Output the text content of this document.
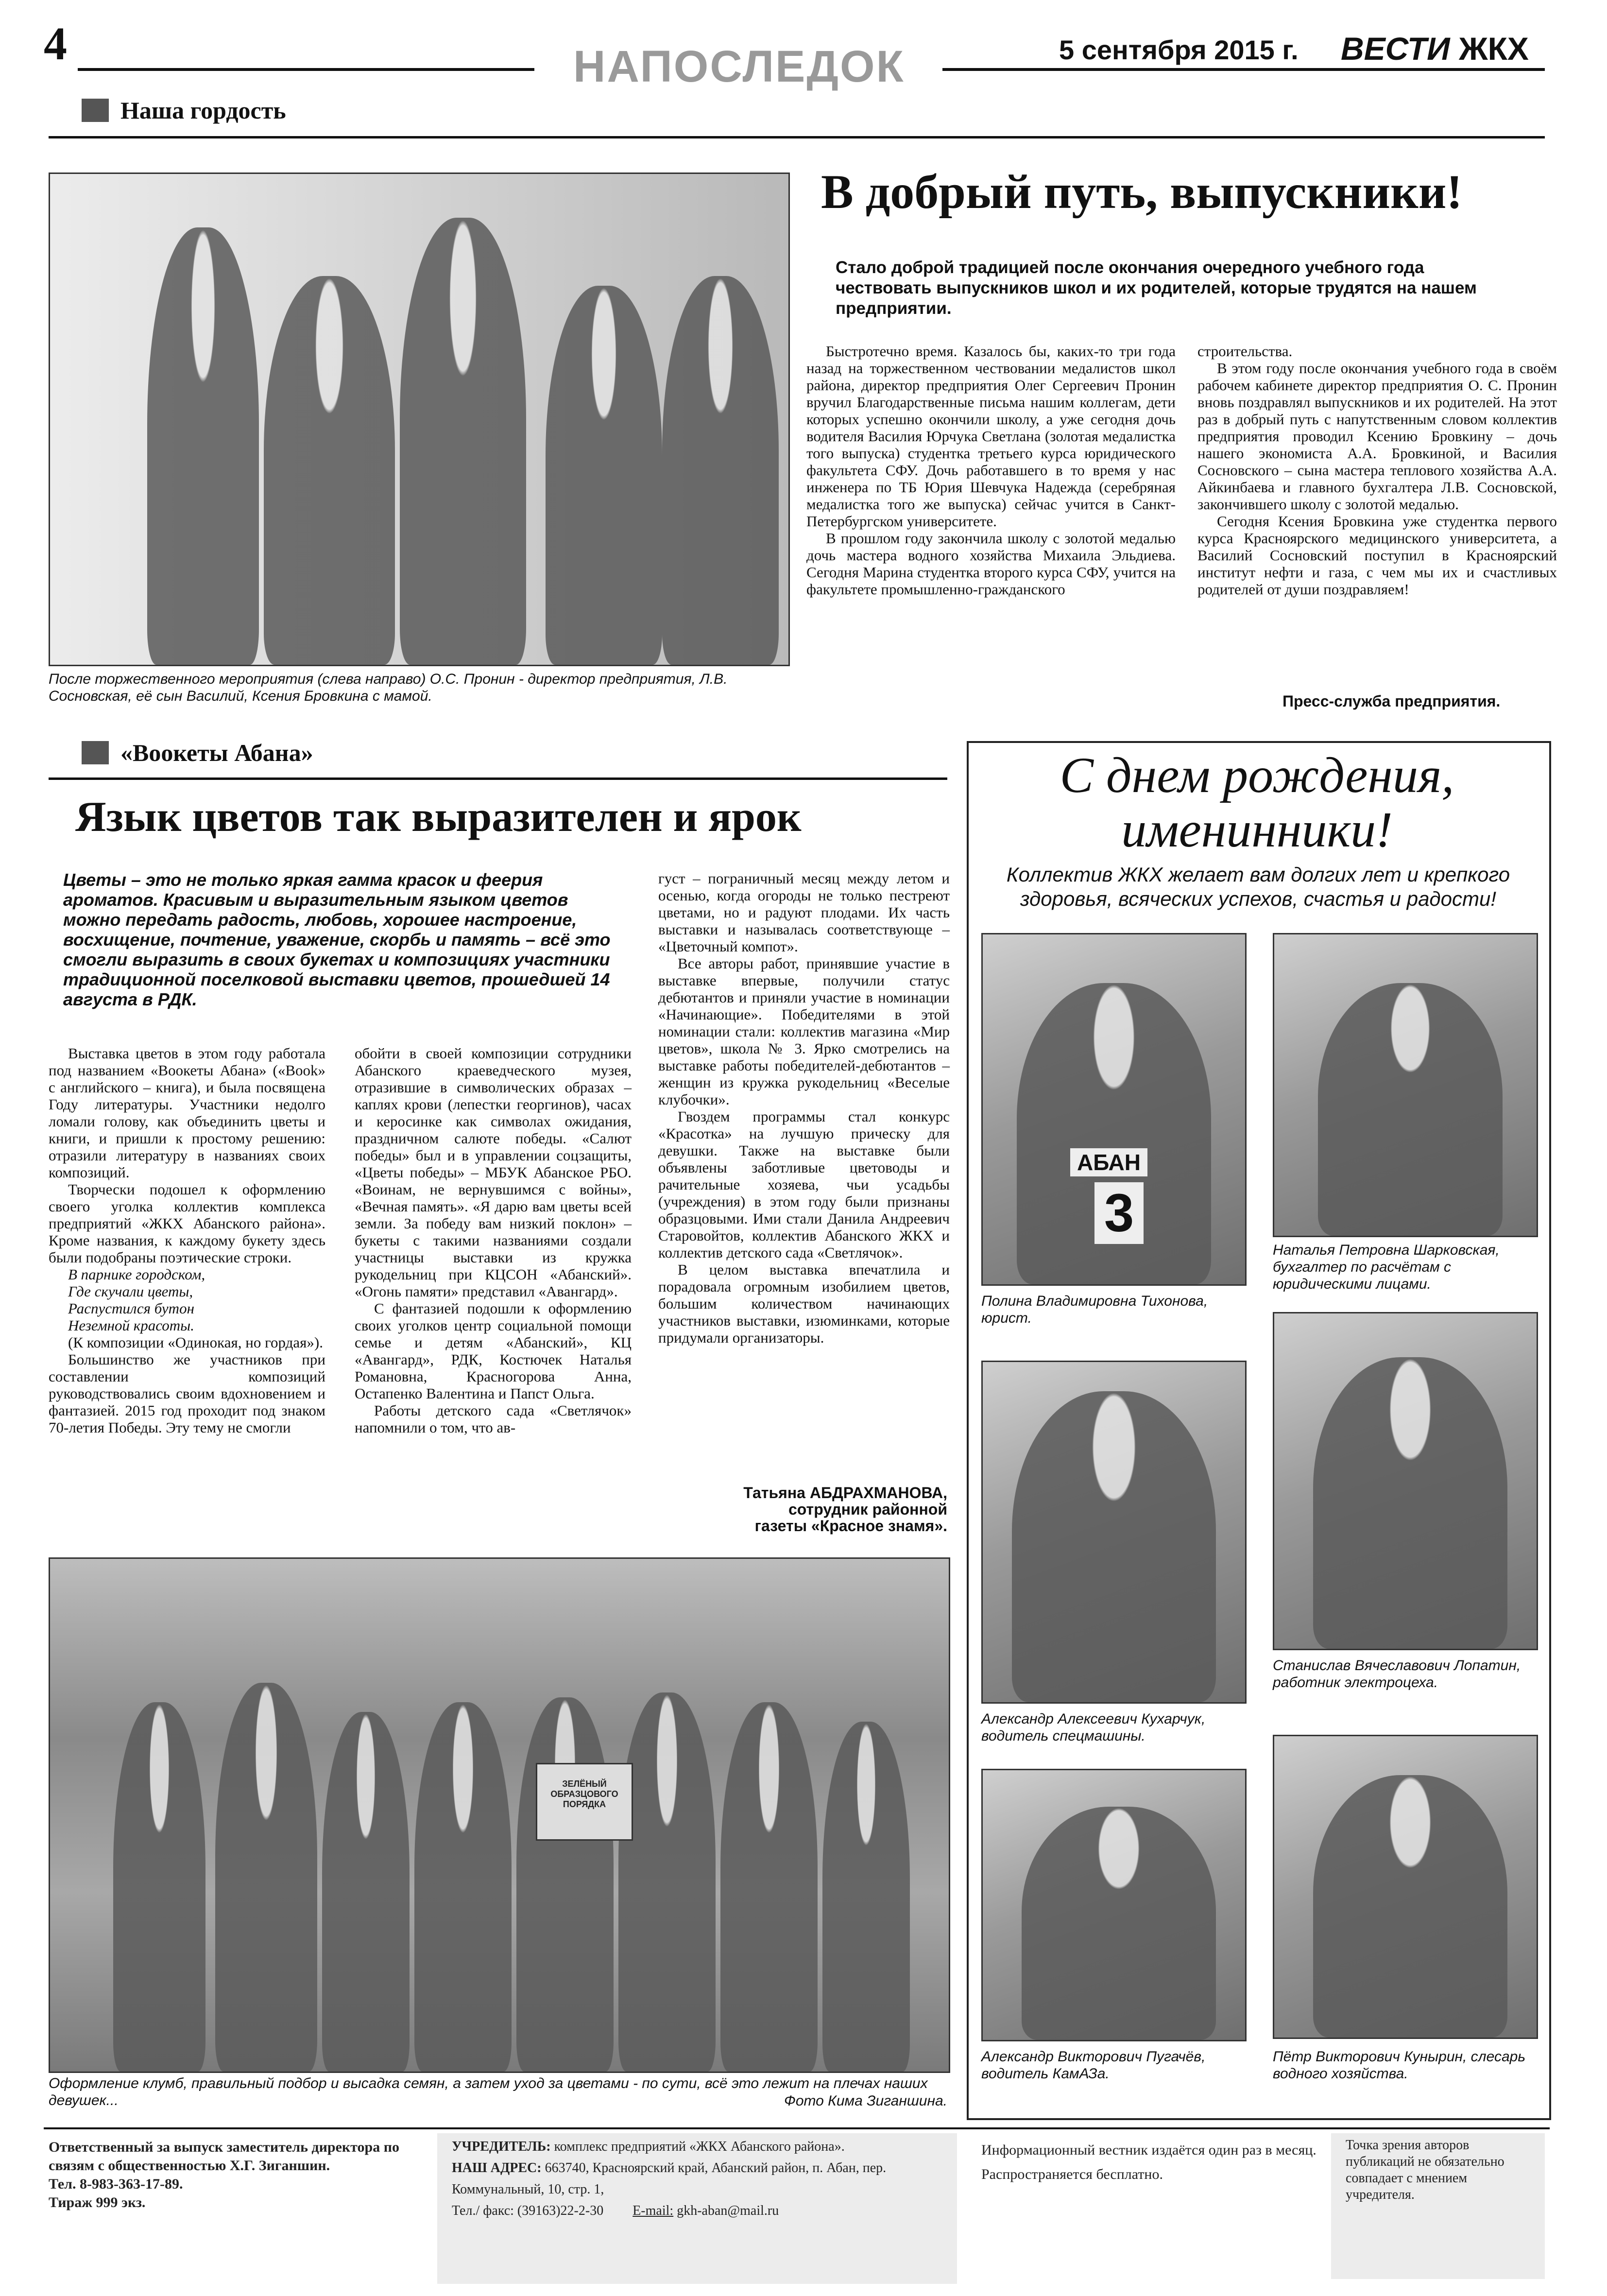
4	НАПОСЛЕДОК	5 сентября 2015 г. ВЕСТИ ЖКХ
Наша гордость
После торжественного мероприятия (слева направо) О.С. Пронин - директор предприятия, Л.В. Сосновская, её сын Василий, Ксения Бровкина с мамой.
В добрый путь, выпускники!
Стало доброй традицией после окончания очередного учебного года чествовать выпускников школ и их родителей, которые трудятся на нашем предприятии.

Быстротечно время. Казалось бы, каких-то три года назад на торжественном чествовании медалистов школ района, директор предприятия Олег Сергеевич Пронин вручил Благодарственные письма нашим коллегам, дети которых успешно окончили школу, а уже сегодня дочь водителя Василия Юрчука Светлана (золотая медалистка того выпуска) студентка третьего курса юридического факультета СФУ. Дочь работавшего в то время у нас инженера по ТБ Юрия Шевчука Надежда (серебряная медалистка того же выпуска) сейчас учится в Санкт-Петербургском университете.

В прошлом году закончила школу с золотой медалью дочь мастера водного хозяйства Михаила Эльдиева. Сегодня Марина студентка второго курса СФУ, учится на факультете промышленно-гражданского

строительства.

В этом году после окончания учебного года в своём рабочем кабинете директор предприятия О. С. Пронин вновь поздравлял выпускников и их родителей. На этот раз в добрый путь с напутственным словом коллектив предприятия проводил Ксению Бровкину – дочь нашего экономиста А.А. Бровкиной, и Василия Сосновского – сына мастера теплового хозяйства А.А. Айкинбаева и главного бухгалтера Л.В. Сосновской, закончившего школу с золотой медалью.

Сегодня Ксения Бровкина уже студентка первого курса Красноярского медицинского университета, а Василий Сосновский поступил в Красноярский институт нефти и газа, с чем мы их и счастливых родителей от души поздравляем!

Пресс-служба предприятия.
«Booкеты Абана»
Язык цветов так выразителен и ярок
Цветы – это не только яркая гамма красок и феерия ароматов. Красивым и выразительным языком цветов можно передать радость, любовь, хорошее настроение, восхищение, почтение, уважение, скорбь и память – всё это смогли выразить в своих букетах и композициях участники традиционной поселковой выставки цветов, прошедшей 14 августа в РДК.

Выставка цветов в этом году работала под названием «Booкеты Абана» («Book» с английского – книга), и была посвящена Году литературы. Участники недолго ломали голову, как объединить цветы и книги, и пришли к простому решению: отразили литературу в названиях своих композиций.

Творчески подошел к оформлению своего уголка коллектив комплекса предприятий «ЖКХ Абанского района». Кроме названия, к каждому букету здесь были подобраны поэтические строки.

В парнике городском,
Где скучали цветы,
Распустился бутон
Неземной красоты.

(К композиции «Одинокая, но гордая»).

Большинство же участников при составлении композиций руководствовались своим вдохновением и фантазией. 2015 год проходит под знаком 70-летия Победы. Эту тему не смогли

обойти в своей композиции сотрудники Абанского краеведческого музея, отразившие в символических образах – каплях крови (лепестки георгинов), часах и керосинке как символах ожидания, праздничном салюте победы. «Салют победы» был и в управлении соцзащиты, «Цветы победы» – МБУК Абанское РБО. «Воинам, не вернувшимся с войны», «Вечная память». «Я дарю вам цветы всей земли. За победу вам низкий поклон» – букеты с такими названиями создали участницы выставки из кружка рукодельниц при КЦСОН «Абанский». «Огонь памяти» представил «Авангард».

С фантазией подошли к оформлению своих уголков центр социальной помощи семье и детям «Абанский», КЦ «Авангард», РДК, Костючек Наталья Романовна, Красногорова Анна, Остапенко Валентина и Папст Ольга.

Работы детского сада «Светлячок» напомнили о том, что ав-

густ – пограничный месяц между летом и осенью, когда огороды не только пестреют цветами, но и радуют плодами. Их часть выставки и называлась соответствующе – «Цветочный компот».

Все авторы работ, принявшие участие в выставке впервые, получили статус дебютантов и приняли участие в номинации «Начинающие». Победителями в этой номинации стали: коллектив магазина «Мир цветов», школа № 3. Ярко смотрелись на выставке работы победителей-дебютантов – женщин из кружка рукодельниц «Веселые клубочки».

Гвоздем программы стал конкурс «Красотка» на лучшую прическу для девушки. Также на выставке были объявлены заботливые цветоводы и рачительные хозяева, чьи усадьбы (учреждения) в этом году были признаны образцовыми. Ими стали Данила Андреевич Старовойтов, коллектив Абанского ЖКХ и коллектив детского сада «Светлячок».

В целом выставка впечатлила и порадовала огромным изобилием цветов, большим количеством начинающих участников выставки, изюминками, которые придумали организаторы.

Татьяна АБДРАХМАНОВА,
сотрудник районной
газеты «Красное знамя».
ЗЕЛЁНЫЙ ОБРАЗЦОВОГО ПОРЯДКА
Оформление клумб, правильный подбор и высадка семян, а затем уход за цветами - по сути, всё это лежит на плечах наших девушек...	Фото Кима Зиганшина.
С днем рождения,
именинники!
Коллектив ЖКХ желает вам долгих лет и крепкого здоровья, всяческих успехов, счастья и радости!
АБАН
3
Полина Владимировна Тихонова, юрист.
Наталья Петровна Шарковская, бухгалтер по расчётам с юридическими лицами.
Александр Алексеевич Кухарчук, водитель спецмашины.
Станислав Вячеславович Лопатин, работник электроцеха.
Александр Викторович Пугачёв, водитель КамАЗа.
Пётр Викторович Кунырин, слесарь водного хозяйства.
Ответственный за выпуск заместитель директора по связям с общественностью Х.Г. Зиганшин.
Тел. 8-983-363-17-89.
Тираж 999 экз.
УЧРЕДИТЕЛЬ: комплекс предприятий «ЖКХ Абанского района».
НАШ АДРЕС: 663740, Красноярский край, Абанский район, п. Абан, пер. Коммунальный, 10, стр. 1,
Тел./ факс: (39163)22-2-30 E-mail: gkh-aban@mail.ru
Информационный вестник издаётся один раз в месяц.
Распространяется бесплатно.
Точка зрения авторов публикаций не обязательно совпадает с мнением учредителя.
